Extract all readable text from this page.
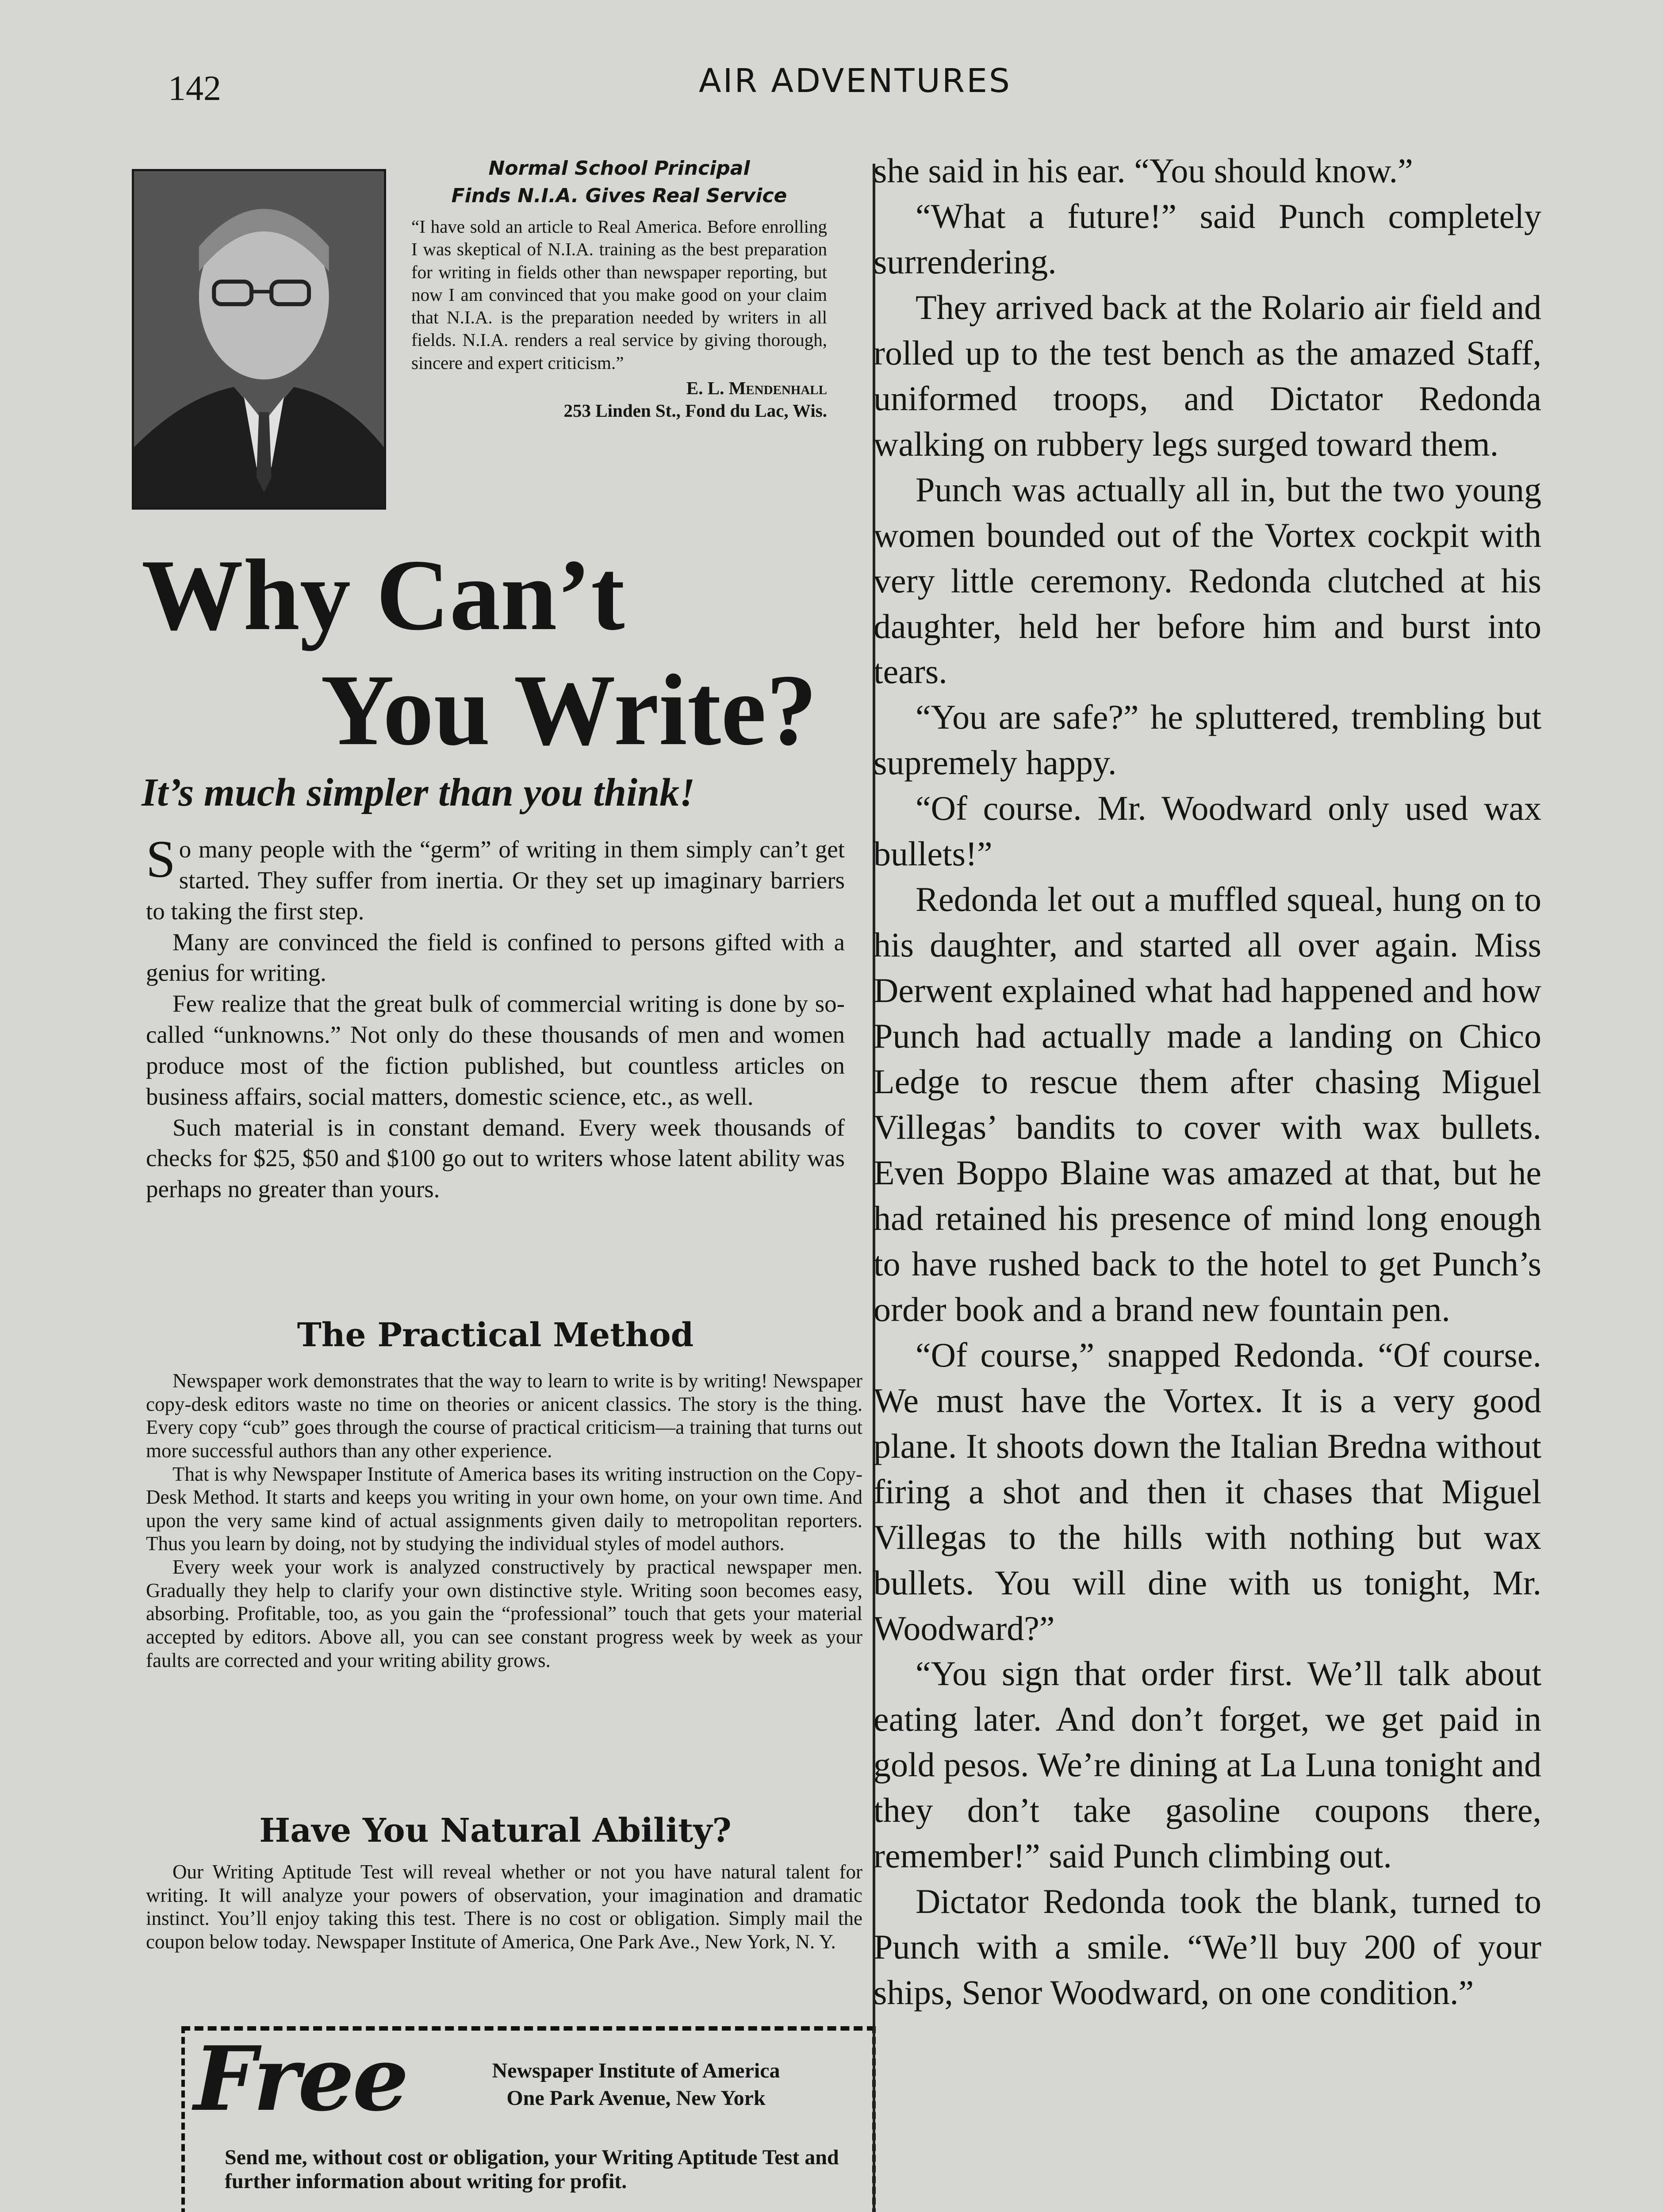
142	AIR ADVENTURES

Normal School Principal
Finds N.I.A. Gives Real Service

“I have sold an article to Real America. Before enrolling I was skeptical of N.I.A. training as the best preparation for writing in fields other than newspaper reporting, but now I am convinced that you make good on your claim that N.I.A. is the preparation needed by writers in all fields. N.I.A. renders a real service by giving thorough, sincere and expert criticism.”

E. L. Mendenhall
253 Linden St., Fond du Lac, Wis.

Why Can’t
You Write?
It’s much simpler than you think!

So many people with the “germ” of writing in them simply can’t get started. They suffer from inertia. Or they set up imaginary barriers to taking the first step.

Many are convinced the field is confined to persons gifted with a genius for writing.

Few realize that the great bulk of commercial writing is done by so-called “unknowns.” Not only do these thousands of men and women produce most of the fiction published, but countless articles on business affairs, social matters, domestic science, etc., as well.

Such material is in constant demand. Every week thousands of checks for $25, $50 and $100 go out to writers whose latent ability was perhaps no greater than yours.

The Practical Method

Newspaper work demonstrates that the way to learn to write is by writing! Newspaper copy-desk editors waste no time on theories or anicent classics. The story is the thing. Every copy “cub” goes through the course of practical criticism—a training that turns out more successful authors than any other experience.

That is why Newspaper Institute of America bases its writing instruction on the Copy-Desk Method. It starts and keeps you writing in your own home, on your own time. And upon the very same kind of actual assignments given daily to metropolitan reporters. Thus you learn by doing, not by studying the individual styles of model authors.

Every week your work is analyzed constructively by practical newspaper men. Gradually they help to clarify your own distinctive style. Writing soon becomes easy, absorbing. Profitable, too, as you gain the “professional” touch that gets your material accepted by editors. Above all, you can see constant progress week by week as your faults are corrected and your writing ability grows.

Have You Natural Ability?

Our Writing Aptitude Test will reveal whether or not you have natural talent for writing. It will analyze your powers of observation, your imagination and dramatic instinct. You’ll enjoy taking this test. There is no cost or obligation. Simply mail the coupon below today. Newspaper Institute of America, One Park Ave., New York, N. Y.

Free	Newspaper Institute of America
One Park Avenue, New York
Send me, without cost or obligation, your Writing Aptitude Test and further information about writing for profit.

she said in his ear. “You should know.”

“What a future!” said Punch completely surrendering.

They arrived back at the Rolario air field and rolled up to the test bench as the amazed Staff, uniformed troops, and Dictator Redonda walking on rubbery legs surged toward them.

Punch was actually all in, but the two young women bounded out of the Vortex cockpit with very little ceremony. Redonda clutched at his daughter, held her before him and burst into tears.

“You are safe?” he spluttered, trembling but supremely happy.

“Of course. Mr. Woodward only used wax bullets!”

Redonda let out a muffled squeal, hung on to his daughter, and started all over again. Miss Derwent explained what had happened and how Punch had actually made a landing on Chico Ledge to rescue them after chasing Miguel Villegas’ bandits to cover with wax bullets. Even Boppo Blaine was amazed at that, but he had retained his presence of mind long enough to have rushed back to the hotel to get Punch’s order book and a brand new fountain pen.

“Of course,” snapped Redonda. “Of course. We must have the Vortex. It is a very good plane. It shoots down the Italian Bredna without firing a shot and then it chases that Miguel Villegas to the hills with nothing but wax bullets. You will dine with us tonight, Mr. Woodward?”

“You sign that order first. We’ll talk about eating later. And don’t forget, we get paid in gold pesos. We’re dining at La Luna tonight and they don’t take gasoline coupons there, remember!” said Punch climbing out.

Dictator Redonda took the blank, turned to Punch with a smile. “We’ll buy 200 of your ships, Senor Woodward, on one condition.”
